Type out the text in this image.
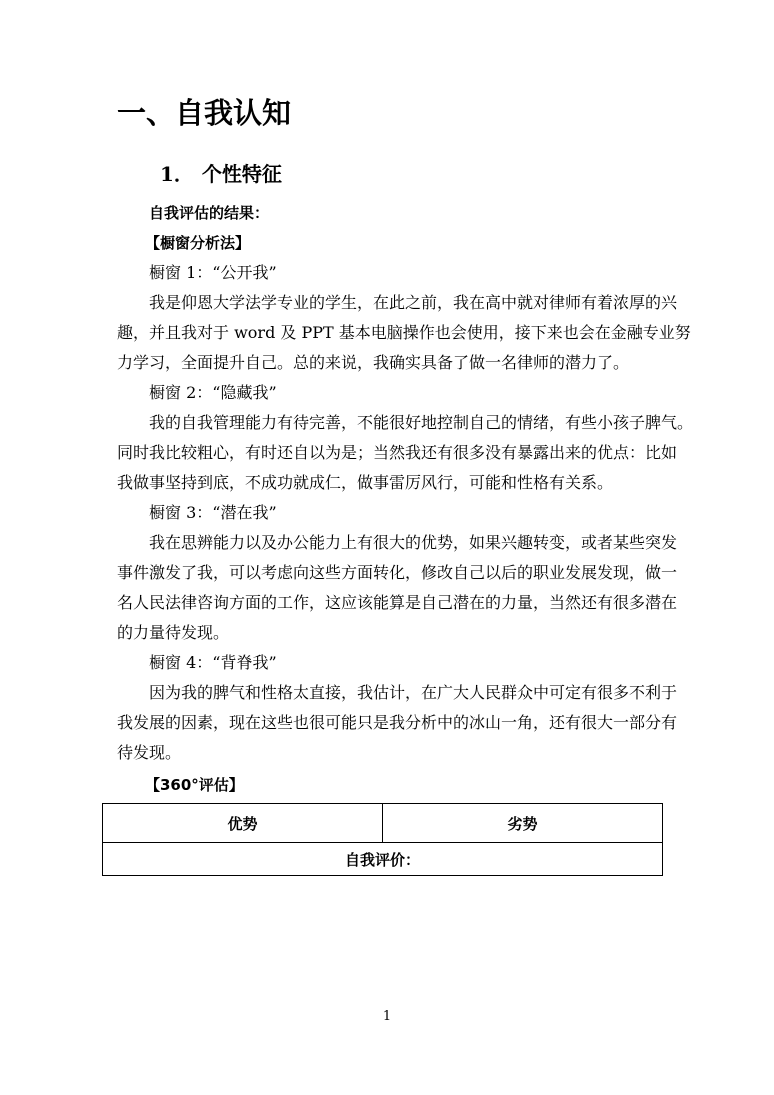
一、自我认知
1． 个性特征
自我评估的结果：
【橱窗分析法】
橱窗 1：“公开我”
我是仰恩大学法学专业的学生，在此之前，我在高中就对律师有着浓厚的兴
趣，并且我对于 word 及 PPT 基本电脑操作也会使用，接下来也会在金融专业努
力学习，全面提升自己。总的来说，我确实具备了做一名律师的潜力了。
橱窗 2：“隐藏我”
我的自我管理能力有待完善，不能很好地控制自己的情绪，有些小孩子脾气。
同时我比较粗心，有时还自以为是；当然我还有很多没有暴露出来的优点：比如
我做事坚持到底，不成功就成仁，做事雷厉风行，可能和性格有关系。
橱窗 3：“潜在我”
我在思辨能力以及办公能力上有很大的优势，如果兴趣转变，或者某些突发
事件激发了我，可以考虑向这些方面转化，修改自己以后的职业发展发现，做一
名人民法律咨询方面的工作，这应该能算是自己潜在的力量，当然还有很多潜在
的力量待发现。
橱窗 4：“背脊我”
因为我的脾气和性格太直接，我估计，在广大人民群众中可定有很多不利于
我发展的因素，现在这些也很可能只是我分析中的冰山一角，还有很大一部分有
待发现。
【360°评估】
优势	劣势
自我评价：
1
